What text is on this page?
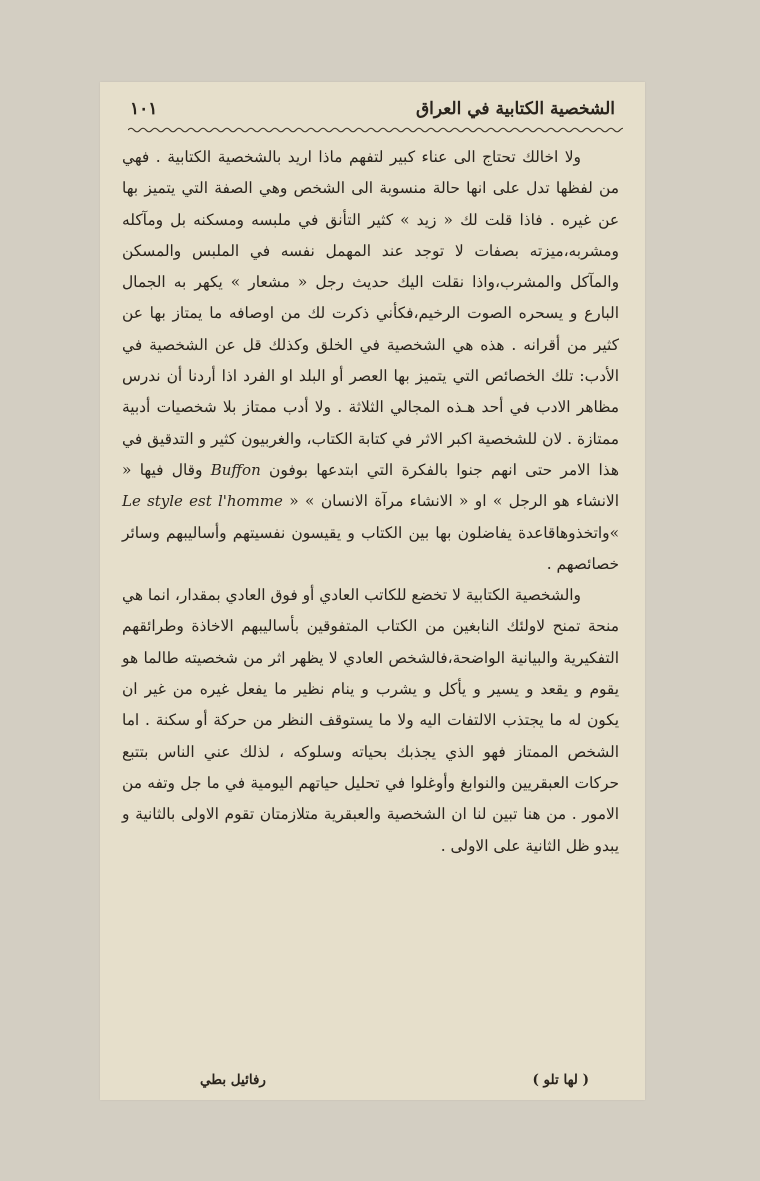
الشخصية الكتابية في العراق
١٠١

ولا اخالك تحتاج الى عناء كبير لتفهم ماذا اريد بالشخصية الكتابية . فهي من لفظها تدل على انها حالة منسوبة الى الشخص وهي الصفة التي يتميز بها عن غيره . فاذا قلت لك « زيد » كثير التأنق في ملبسه ومسكنه بل ومآكله ومشربه،ميزته بصفات لا توجد عند المهمل نفسه في الملبس والمسكن والمآكل والمشرب،واذا نقلت اليك حديث رجل « مشعار » يكهر به الجمال البارع و يسحره الصوت الرخيم،فكأني ذكرت لك من اوصافه ما يمتاز بها عن كثير من أقرانه . هذه هي الشخصية في الخلق وكذلك قل عن الشخصية في الأدب: تلك الخصائص التي يتميز بها العصر أو البلد او الفرد اذا أردنا أن ندرس مظاهر الادب في أحد هـذه المجالي الثلاثة . ولا أدب ممتاز بلا شخصيات أدبية ممتازة . لان للشخصية اكبر الاثر في كتابة الكتاب، والغربيون كثير و التدقيق في هذا الامر حتى انهم جنوا بالفكرة التي ابتدعها بوفون Buffon وقال فيها « الانشاء هو الرجل » او « الانشاء مرآة الانسان » « Le style est l'homme »واتخذوهاقاعدة يفاضلون بها بين الكتاب و يقيسون نفسيتهم وأساليبهم وسائر خصائصهم .

والشخصية الكتابية لا تخضع للكاتب العادي أو فوق العادي بمقدار، انما هي منحة تمنح لاولئك النابغين من الكتاب المتفوقين بأساليبهم الاخاذة وطرائقهم التفكيرية والبيانية الواضحة،فالشخص العادي لا يظهر اثر من شخصيته طالما هو يقوم و يقعد و يسير و يأكل و يشرب و ينام نظير ما يفعل غيره من غير ان يكون له ما يجتذب الالتفات اليه ولا ما يستوقف النظر من حركة أو سكنة . اما الشخص الممتاز فهو الذي يجذبك بحياته وسلوكه ، لذلك عني الناس بتتبع حركات العبقريين والنوابغ وأوغلوا في تحليل حياتهم اليومية في ما جل وتفه من الامور . من هنا تبين لنا ان الشخصية والعبقرية متلازمتان تقوم الاولى بالثانية و يبدو ظل الثانية على الاولى .

( لها تلو )
رفائيل بطي
